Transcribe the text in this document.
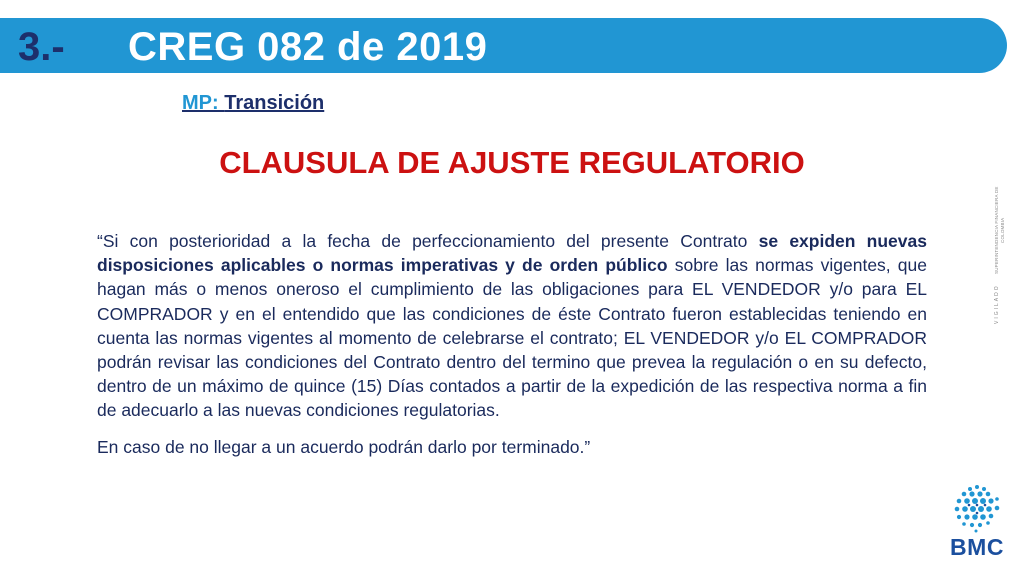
3.- CREG 082 de 2019
MP: Transición
CLAUSULA DE AJUSTE REGULATORIO

“Si con posterioridad a la fecha de perfeccionamiento del presente Contrato se expiden nuevas disposiciones aplicables o normas imperativas y de orden público sobre las normas vigentes, que hagan más o menos oneroso el cumplimiento de las obligaciones para EL VENDEDOR y/o para EL COMPRADOR y en el entendido que las condiciones de éste Contrato fueron establecidas teniendo en cuenta las normas vigentes al momento de celebrarse el contrato; EL VENDEDOR y/o EL COMPRADOR podrán revisar las condiciones del Contrato dentro del termino que prevea la regulación o en su defecto, dentro de un máximo de quince (15) Días contados a partir de la expedición de las respectiva norma a fin de adecuarlo a las nuevas condiciones regulatorias.

En caso de no llegar a un acuerdo podrán darlo por terminado.”

SUPERINTENDENCIA FINANCIERA DE COLOMBIA
VIGILADO
BMC
